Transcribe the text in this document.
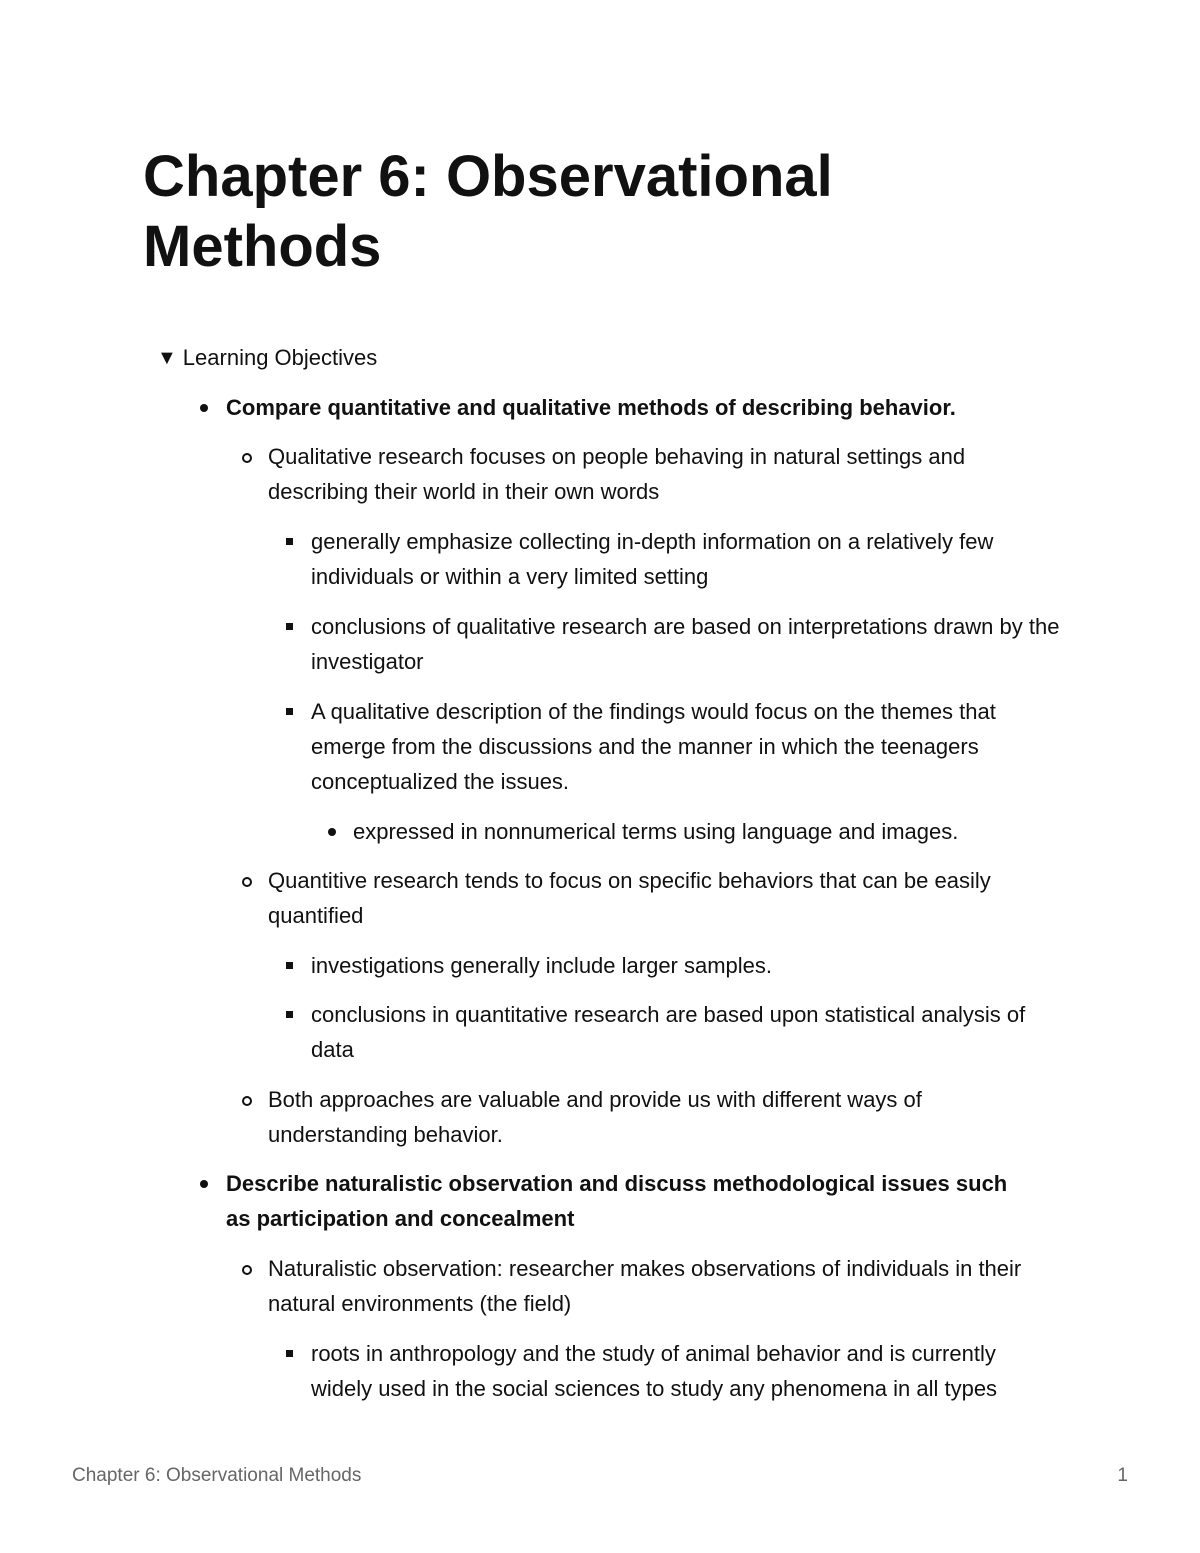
Chapter 6: Observational Methods
▼ Learning Objectives
Compare quantitative and qualitative methods of describing behavior.
Qualitative research focuses on people behaving in natural settings and describing their world in their own words
generally emphasize collecting in-depth information on a relatively few individuals or within a very limited setting
conclusions of qualitative research are based on interpretations drawn by the investigator
A qualitative description of the findings would focus on the themes that emerge from the discussions and the manner in which the teenagers conceptualized the issues.
expressed in nonnumerical terms using language and images.
Quantitive research tends to focus on specific behaviors that can be easily quantified
investigations generally include larger samples.
conclusions in quantitative research are based upon statistical analysis of data
Both approaches are valuable and provide us with different ways of understanding behavior.
Describe naturalistic observation and discuss methodological issues such as participation and concealment
Naturalistic observation: researcher makes observations of individuals in their natural environments (the field)
roots in anthropology and the study of animal behavior and is currently widely used in the social sciences to study any phenomena in all types
Chapter 6: Observational Methods	1
